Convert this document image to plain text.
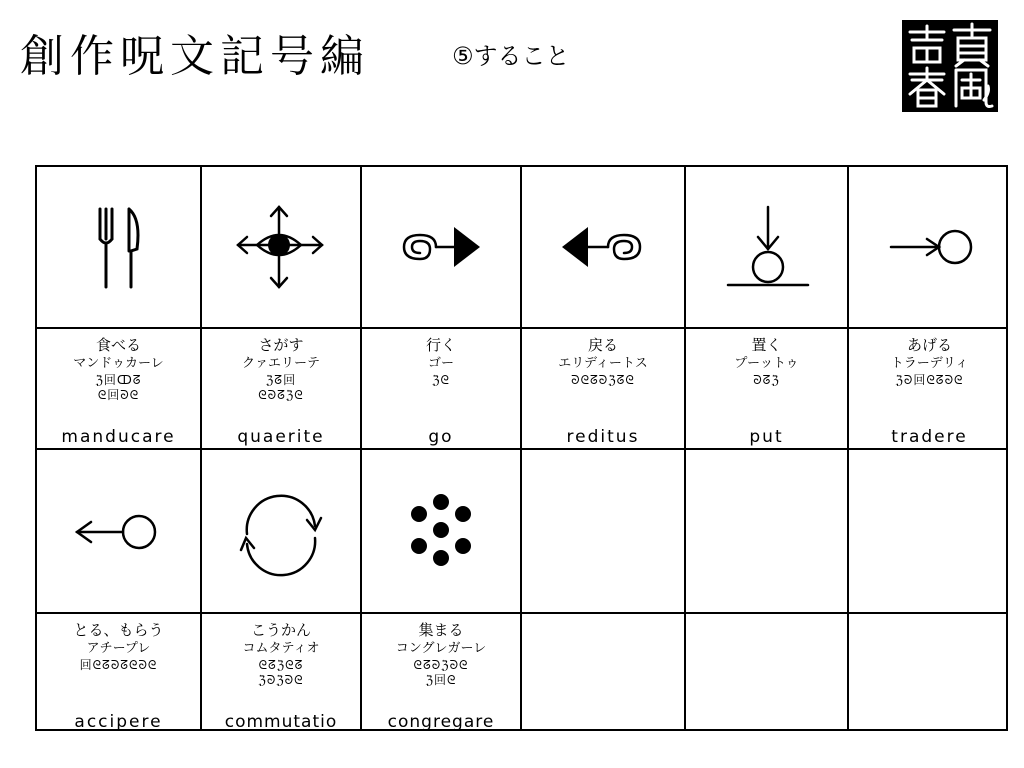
創作呪文記号編	⑤すること
食べる
マンドゥカーレ
ℨ回ↀᘔ
ᘓ回ᘐᘓ
manducare
さがす
クァエリーテ
ℨᘔ回
ᘓᘐᘔℨᘓ
quaerite
行く
ゴー
ℨᘓ
go
戻る
エリディートス
ᘐᘓᘔᘐℨᘔᘓ
reditus
置く
プーットゥ
ᘐᘔℨ
put
あげる
トラーデリィ
ℨᘐ回ᘓᘔᘐᘓ
tradere
とる、もらう
アチープレ
回ᘓᘔᘐᘔᘓᘐᘓ
accipere
こうかん
コムタティオ
ᘓᘔℨᘓᘔ
ℨᘐℨᘐᘓ
commutatio
集まる
コングレガーレ
ᘓᘔᘐℨᘐᘓ
ℨ回ᘓ
congregare
